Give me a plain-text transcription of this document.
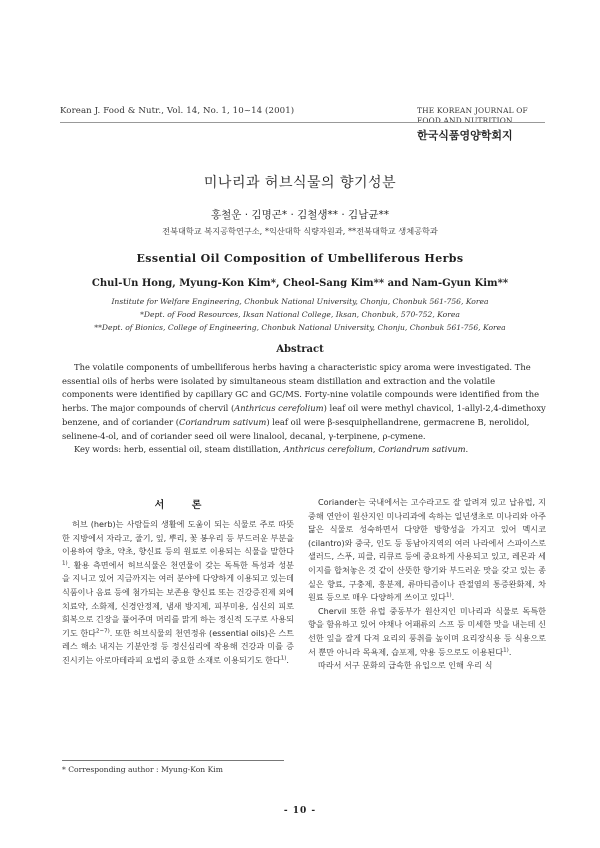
Korean J. Food & Nutr., Vol. 14, No. 1, 10~14 (2001)	THE KOREAN JOURNAL OF
FOOD AND NUTRITION
한국식품영양학회지
미나리과 허브식물의 향기성분
홍철운 · 김명곤* · 김철생** · 김남균**
전북대학교 복지공학연구소, *익산대학 식량자원과, **전북대학교 생체공학과
Essential Oil Composition of Umbelliferous Herbs
Chul-Un Hong, Myung-Kon Kim*, Cheol-Sang Kim** and Nam-Gyun Kim**
Institute for Welfare Engineering, Chonbuk National University, Chonju, Chonbuk 561-756, Korea
*Dept. of Food Resources, Iksan National College, Iksan, Chonbuk, 570-752, Korea
**Dept. of Bionics, College of Engineering, Chonbuk National University, Chonju, Chonbuk 561-756, Korea
Abstract

The volatile components of umbelliferous herbs having a characteristic spicy aroma were investigated. The essential oils of herbs were isolated by simultaneous steam distillation and extraction and the volatile components were identified by capillary GC and GC/MS. Forty-nine volatile compounds were identified from the herbs. The major compounds of chervil (Anthricus cerefolium) leaf oil were methyl chavicol, 1-allyl-2,4-dimethoxy benzene, and of coriander (Coriandrum sativum) leaf oil were β-sesquiphellandrene, germacrene B, nerolidol, selinene-4-ol, and of coriander seed oil were linalool, decanal, γ-terpinene, ρ-cymene.

Key words: herb, essential oil, steam distillation, Anthricus cerefolium, Coriandrum sativum.

서 론

허브 (herb)는 사람들의 생활에 도움이 되는 식물로 주로 따뜻한 지방에서 자라고, 줄기, 잎, 뿌리, 꽃 봉우리 등 부드러운 부분을 이용하여 향초, 약초, 향신료 등의 원료로 이용되는 식물을 말한다$^{1)}$. 활용 측면에서 허브식물은 천연물이 갖는 독특한 특성과 성분을 지니고 있어 지금까지는 여러 분야에 다양하게 이용되고 있는데 식품이나 음료 등에 첨가되는 보존용 향신료 또는 건강증진제 외에 치료약, 소화제, 신경안정제, 냄새 방지제, 피부미용, 심신의 피로회복으로 긴장을 풀어주며 머리를 맑게 하는 정신적 도구로 사용되기도 한다$^{2\sim 7)}$. 또한 허브식물의 천연정유 (essential oils)은 스트레스 해소 내지는 기분안정 등 정신심리에 작용해 건강과 미를 증진시키는 아로마테라피 요법의 중요한 소재로 이용되기도 한다$^{1)}$.

Coriander는 국내에서는 고수라고도 잘 알려져 있고 납유럽, 지중해 연안이 원산지인 미나리과에 속하는 일년생초로 미나리와 아주 닮은 식물로 성숙하면서 다양한 방향성을 가지고 있어 멕시코 (cilantro)와 중국, 인도 등 동남아지역의 여러 나라에서 스파이스로 샐러드, 스푸, 피클, 리큐르 등에 중요하게 사용되고 있고, 레몬과 세이지를 합쳐놓은 것 같이 산뜻한 향기와 부드러운 맛을 갖고 있는 종실은 향료, 구충제, 흥분제, 류마티즘이나 관절염의 통증완화제, 차 원료 등으로 매우 다양하게 쓰이고 있다$^{1)}$.

Chervil 또한 유럽 중동부가 원산지인 미나리과 식물로 독특한 향을 함유하고 있어 야채나 어패류의 스프 등 미세한 맛을 내는데 신선한 잎을 잘게 다져 요리의 풍취를 높이며 요리장식용 등 식용으로서 뿐만 아니라 목욕제, 습포제, 약용 등으로도 이용된다$^{1)}$.

따라서 서구 문화의 급속한 유입으로 인해 우리 식

* Corresponding author : Myung-Kon Kim
- 10 -
